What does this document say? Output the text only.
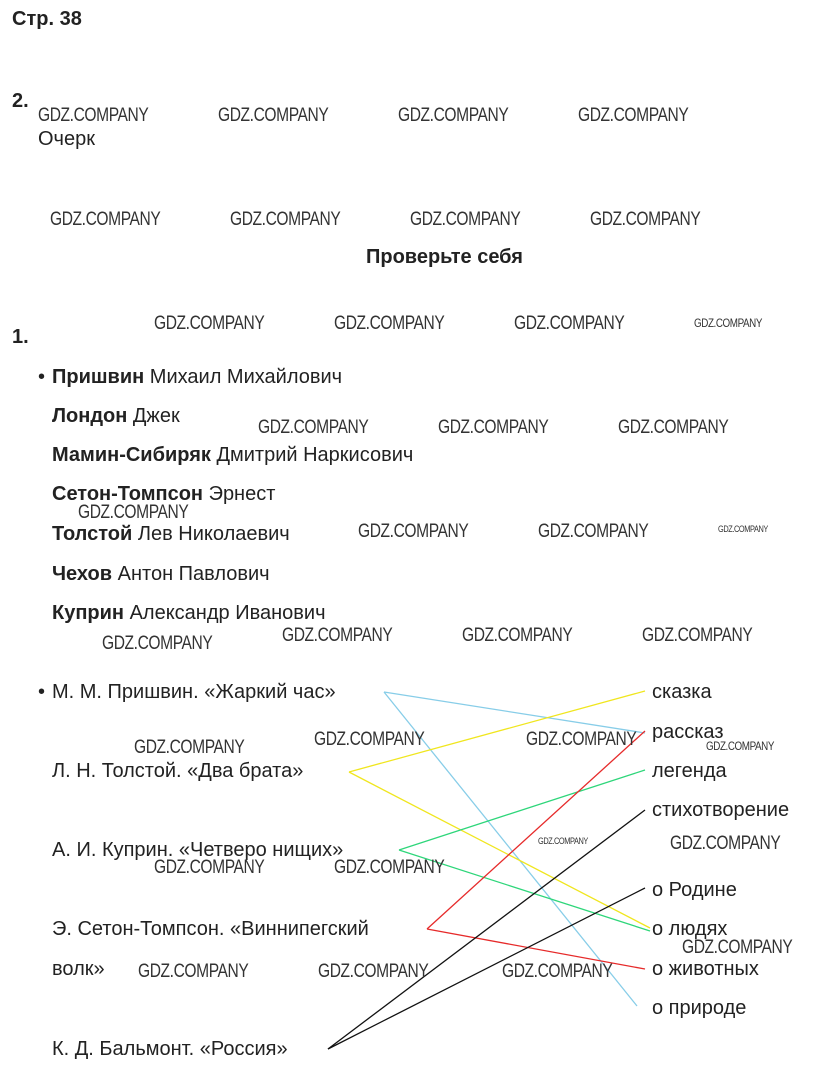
Стр. 38
2.
Очерк
Проверьте себя
1.
• Пришвин Михаил Михайлович
Лондон Джек
Мамин-Сибиряк Дмитрий Наркисович
Сетон-Томпсон Эрнест
Толстой Лев Николаевич
Чехов Антон Павлович
Куприн Александр Иванович
• М. М. Пришвин. «Жаркий час»
Л. Н. Толстой. «Два брата»
А. И. Куприн. «Четверо нищих»
Э. Сетон-Томпсон. «Виннипегский
волк»
К. Д. Бальмонт. «Россия»
сказка
рассказ
легенда
стихотворение
о Родине
о людях
о животных
о природе
GDZ.COMPANY	GDZ.COMPANY	GDZ.COMPANY	GDZ.COMPANY
GDZ.COMPANY	GDZ.COMPANY	GDZ.COMPANY	GDZ.COMPANY
GDZ.COMPANY	GDZ.COMPANY	GDZ.COMPANY	GDZ.COMPANY
GDZ.COMPANY	GDZ.COMPANY	GDZ.COMPANY
GDZ.COMPANY
GDZ.COMPANY	GDZ.COMPANY	GDZ.COMPANY
GDZ.COMPANY	GDZ.COMPANY	GDZ.COMPANY	GDZ.COMPANY
GDZ.COMPANY	GDZ.COMPANY	GDZ.COMPANY	GDZ.COMPANY
GDZ.COMPANY	GDZ.COMPANY
GDZ.COMPANY	GDZ.COMPANY
GDZ.COMPANY
GDZ.COMPANY	GDZ.COMPANY	GDZ.COMPANY
